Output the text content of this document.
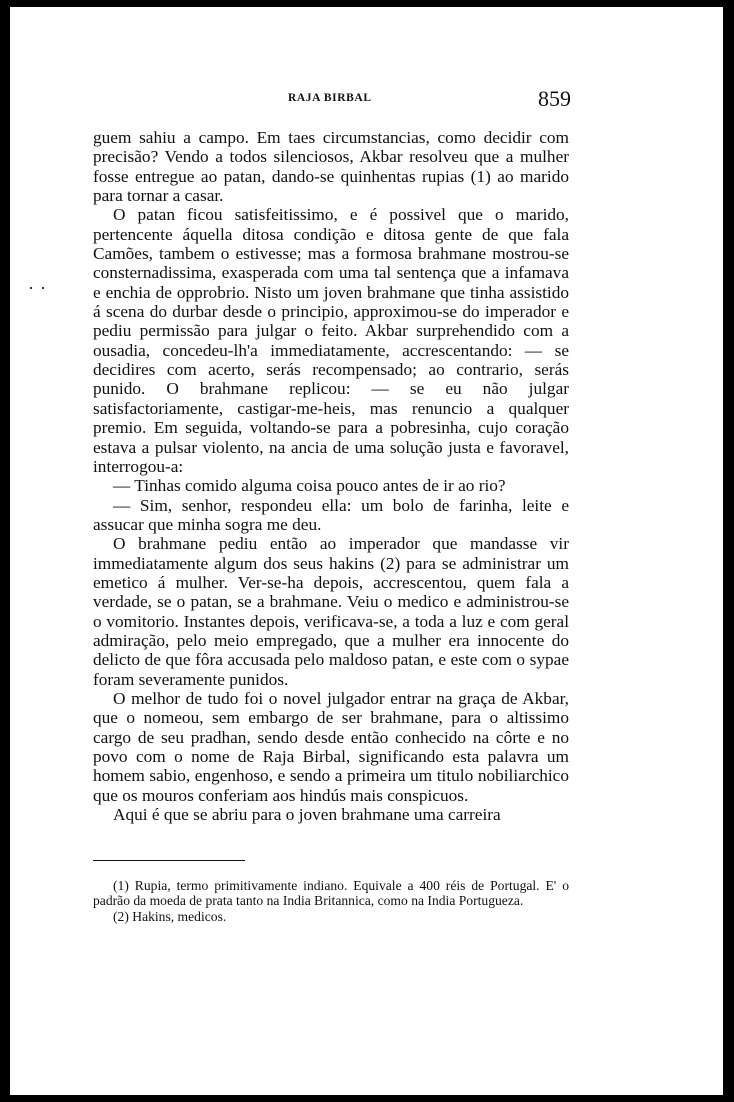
··
RAJA BIRBAL	859

guem sahiu a campo. Em taes circumstancias, como decidir com precisão? Vendo a todos silenciosos, Akbar resolveu que a mulher fosse entregue ao patan, dando-se quinhentas rupias (1) ao marido para tornar a casar.

O patan ficou satisfeitissimo, e é possivel que o marido, pertencente áquella ditosa condição e ditosa gente de que fala Camões, tambem o estivesse; mas a formosa brahmane mostrou-se consternadissima, exasperada com uma tal sentença que a infamava e enchia de opprobrio. Nisto um joven brahmane que tinha assistido á scena do durbar desde o principio, approximou-se do imperador e pediu permissão para julgar o feito. Akbar surprehendido com a ousadia, concedeu-lh'a immediatamente, accrescentando: — se decidires com acerto, serás recompensado; ao contrario, serás punido. O brahmane replicou: — se eu não julgar satisfactoriamente, castigar-me-heis, mas renuncio a qualquer premio. Em seguida, voltando-se para a pobresinha, cujo coração estava a pulsar violento, na ancia de uma solução justa e favoravel, interrogou-a:

— Tinhas comido alguma coisa pouco antes de ir ao rio?

— Sim, senhor, respondeu ella: um bolo de farinha, leite e assucar que minha sogra me deu.

O brahmane pediu então ao imperador que mandasse vir immediatamente algum dos seus hakins (2) para se administrar um emetico á mulher. Ver-se-ha depois, accrescentou, quem fala a verdade, se o patan, se a brahmane. Veiu o medico e administrou-se o vomitorio. Instantes depois, verificava-se, a toda a luz e com geral admiração, pelo meio empregado, que a mulher era innocente do delicto de que fôra accusada pelo maldoso patan, e este com o sypae foram severamente punidos.

O melhor de tudo foi o novel julgador entrar na graça de Akbar, que o nomeou, sem embargo de ser brahmane, para o altissimo cargo de seu pradhan, sendo desde então conhecido na côrte e no povo com o nome de Raja Birbal, significando esta palavra um homem sabio, engenhoso, e sendo a primeira um titulo nobiliarchico que os mouros conferiam aos hindús mais conspicuos.

Aqui é que se abriu para o joven brahmane uma carreira

(1) Rupia, termo primitivamente indiano. Equivale a 400 réis de Portugal. E' o padrão da moeda de prata tanto na India Britannica, como na India Portugueza.

(2) Hakins, medicos.
